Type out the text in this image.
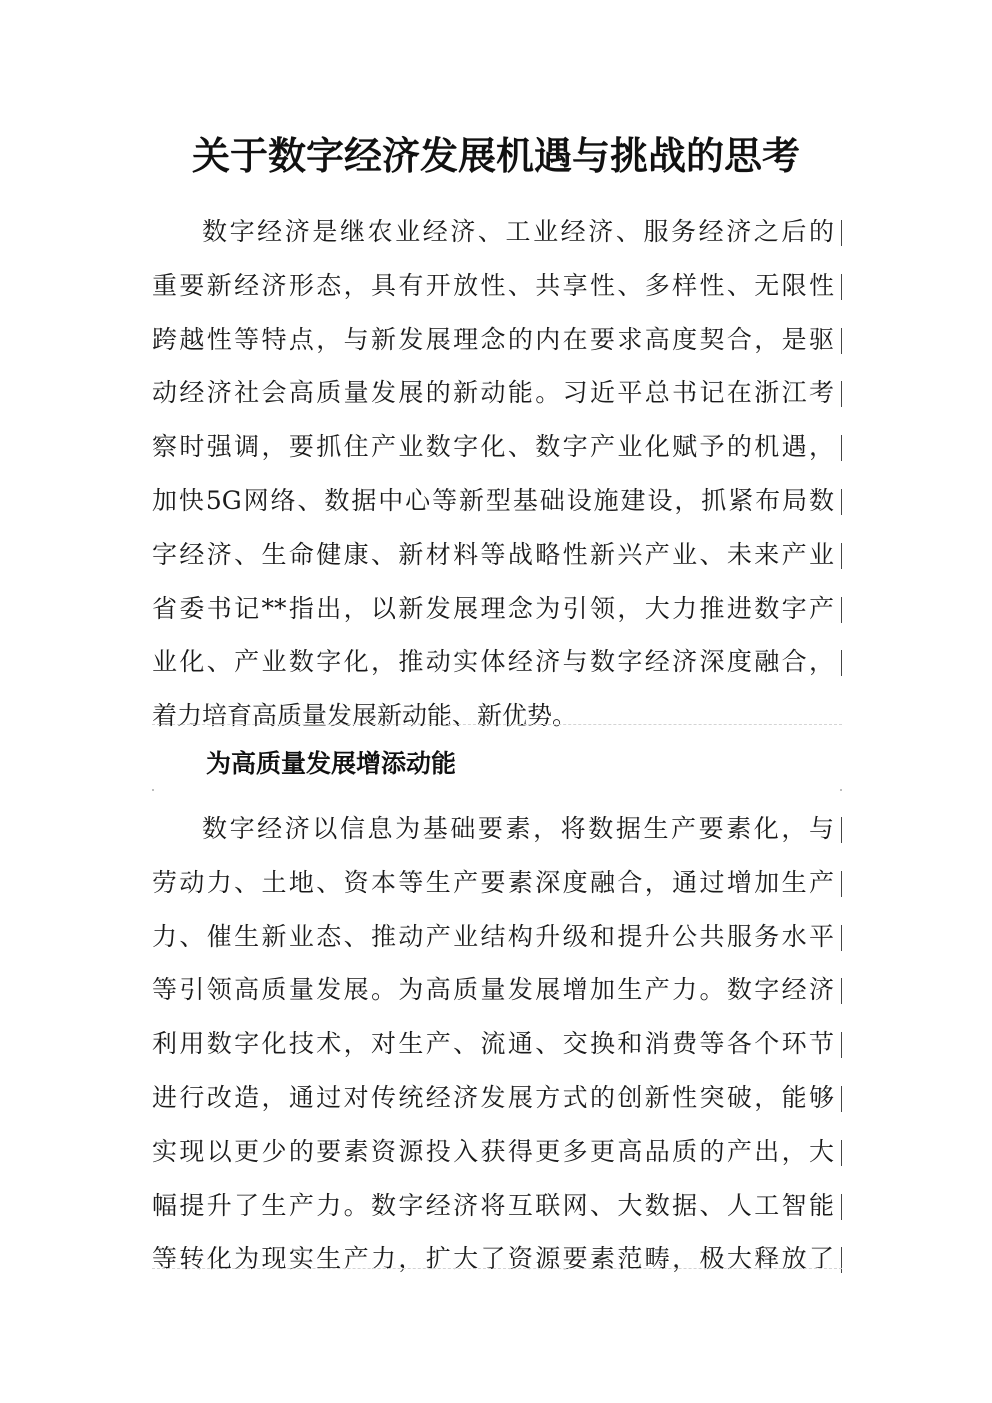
关于数字经济发展机遇与挑战的思考
数字经济是继农业经济、工业经济、服务经济之后的
重要新经济形态，具有开放性、共享性、多样性、无限性
跨越性等特点，与新发展理念的内在要求高度契合，是驱
动经济社会高质量发展的新动能。习近平总书记在浙江考
察时强调，要抓住产业数字化、数字产业化赋予的机遇，
加快5G网络、数据中心等新型基础设施建设，抓紧布局数
字经济、生命健康、新材料等战略性新兴产业、未来产业
省委书记**指出，以新发展理念为引领，大力推进数字产
业化、产业数字化，推动实体经济与数字经济深度融合，
着力培育高质量发展新动能、新优势。
为高质量发展增添动能
数字经济以信息为基础要素，将数据生产要素化，与
劳动力、土地、资本等生产要素深度融合，通过增加生产
力、催生新业态、推动产业结构升级和提升公共服务水平
等引领高质量发展。为高质量发展增加生产力。数字经济
利用数字化技术，对生产、流通、交换和消费等各个环节
进行改造，通过对传统经济发展方式的创新性突破，能够
实现以更少的要素资源投入获得更多更高品质的产出，大
幅提升了生产力。数字经济将互联网、大数据、人工智能
等转化为现实生产力，扩大了资源要素范畴，极大释放了
